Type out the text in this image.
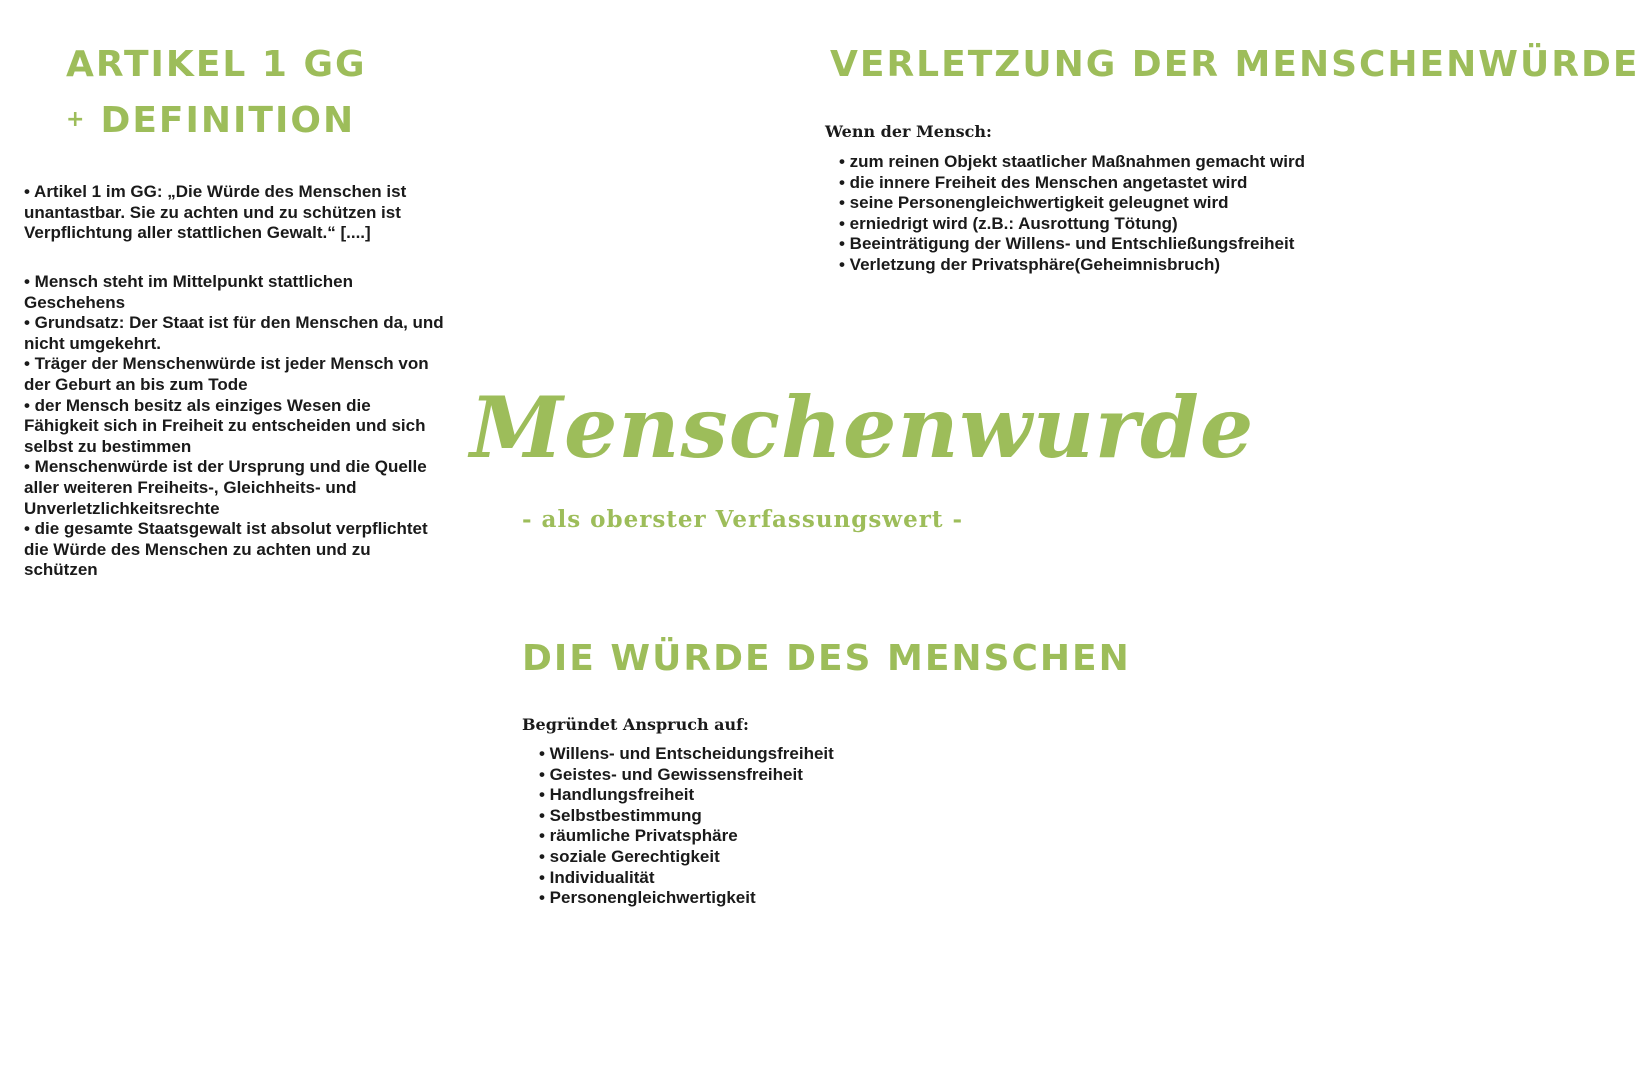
ARTIKEL 1 GG
+ DEFINITION
• Artikel 1 im GG: „Die Würde des Menschen ist unantastbar. Sie zu achten und zu schützen ist Verpflichtung aller stattlichen Gewalt.“ [....]
• Mensch steht im Mittelpunkt stattlichen Geschehens
• Grundsatz: Der Staat ist für den Menschen da, und nicht umgekehrt.
• Träger der Menschenwürde ist jeder Mensch von der Geburt an bis zum Tode
• der Mensch besitz als einziges Wesen die Fähigkeit sich in Freiheit zu entscheiden und sich selbst zu bestimmen
• Menschenwürde ist der Ursprung und die Quelle aller weiteren Freiheits-, Gleichheits- und Unverletzlichkeitsrechte
• die gesamte Staatsgewalt ist absolut verpflichtet die Würde des Menschen zu achten und zu schützen
VERLETZUNG DER MENSCHENWÜRDE
Wenn der Mensch:
• zum reinen Objekt staatlicher Maßnahmen gemacht wird
• die innere Freiheit des Menschen angetastet wird
• seine Personengleichwertigkeit geleugnet wird
• erniedrigt wird (z.B.: Ausrottung Tötung)
• Beeinträtigung der Willens- und Entschließungsfreiheit
• Verletzung der Privatsphäre(Geheimnisbruch)
Menschenwurde
- als oberster Verfassungswert -
DIE WÜRDE DES MENSCHEN
Begründet Anspruch auf:
• Willens- und Entscheidungsfreiheit
• Geistes- und Gewissensfreiheit
• Handlungsfreiheit
• Selbstbestimmung
• räumliche Privatsphäre
• soziale Gerechtigkeit
• Individualität
• Personengleichwertigkeit
